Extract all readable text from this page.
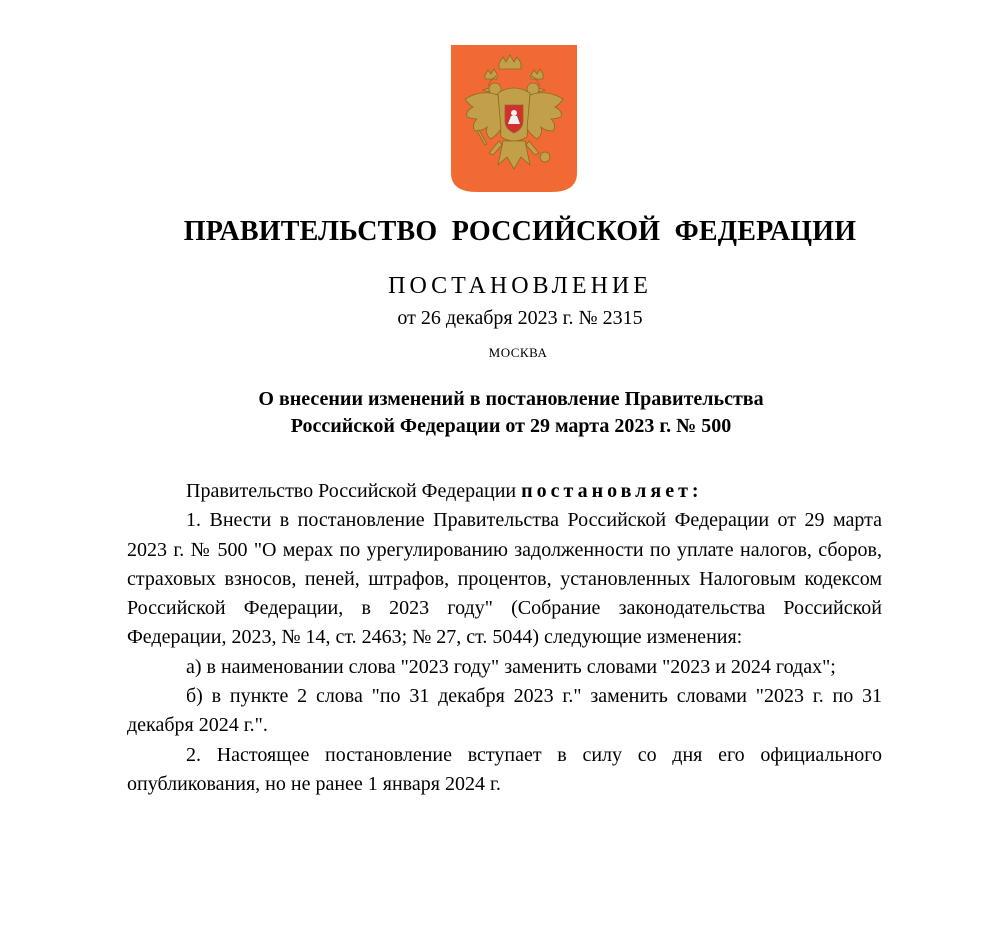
ПРАВИТЕЛЬСТВО  РОССИЙСКОЙ  ФЕДЕРАЦИИ
ПОСТАНОВЛЕНИЕ
от 26 декабря 2023 г. № 2315
МОСКВА
О внесении изменений в постановление Правительства
Российской Федерации от 29 марта 2023 г. № 500

Правительство Российской Федерации постановляет:

1. Внести в постановление Правительства Российской Федерации от 29 марта 2023 г. № 500 "О мерах по урегулированию задолженности по уплате налогов, сборов, страховых взносов, пеней, штрафов, процентов, установленных Налоговым кодексом Российской Федерации, в 2023 году" (Собрание законодательства Российской Федерации, 2023, № 14, ст. 2463; № 27, ст. 5044) следующие изменения:

а) в наименовании слова "2023 году" заменить словами "2023 и 2024 годах";

б) в пункте 2 слова "по 31 декабря 2023 г." заменить словами "2023 г. по 31 декабря 2024 г.".

2. Настоящее постановление вступает в силу со дня его официального опубликования, но не ранее 1 января 2024 г.
